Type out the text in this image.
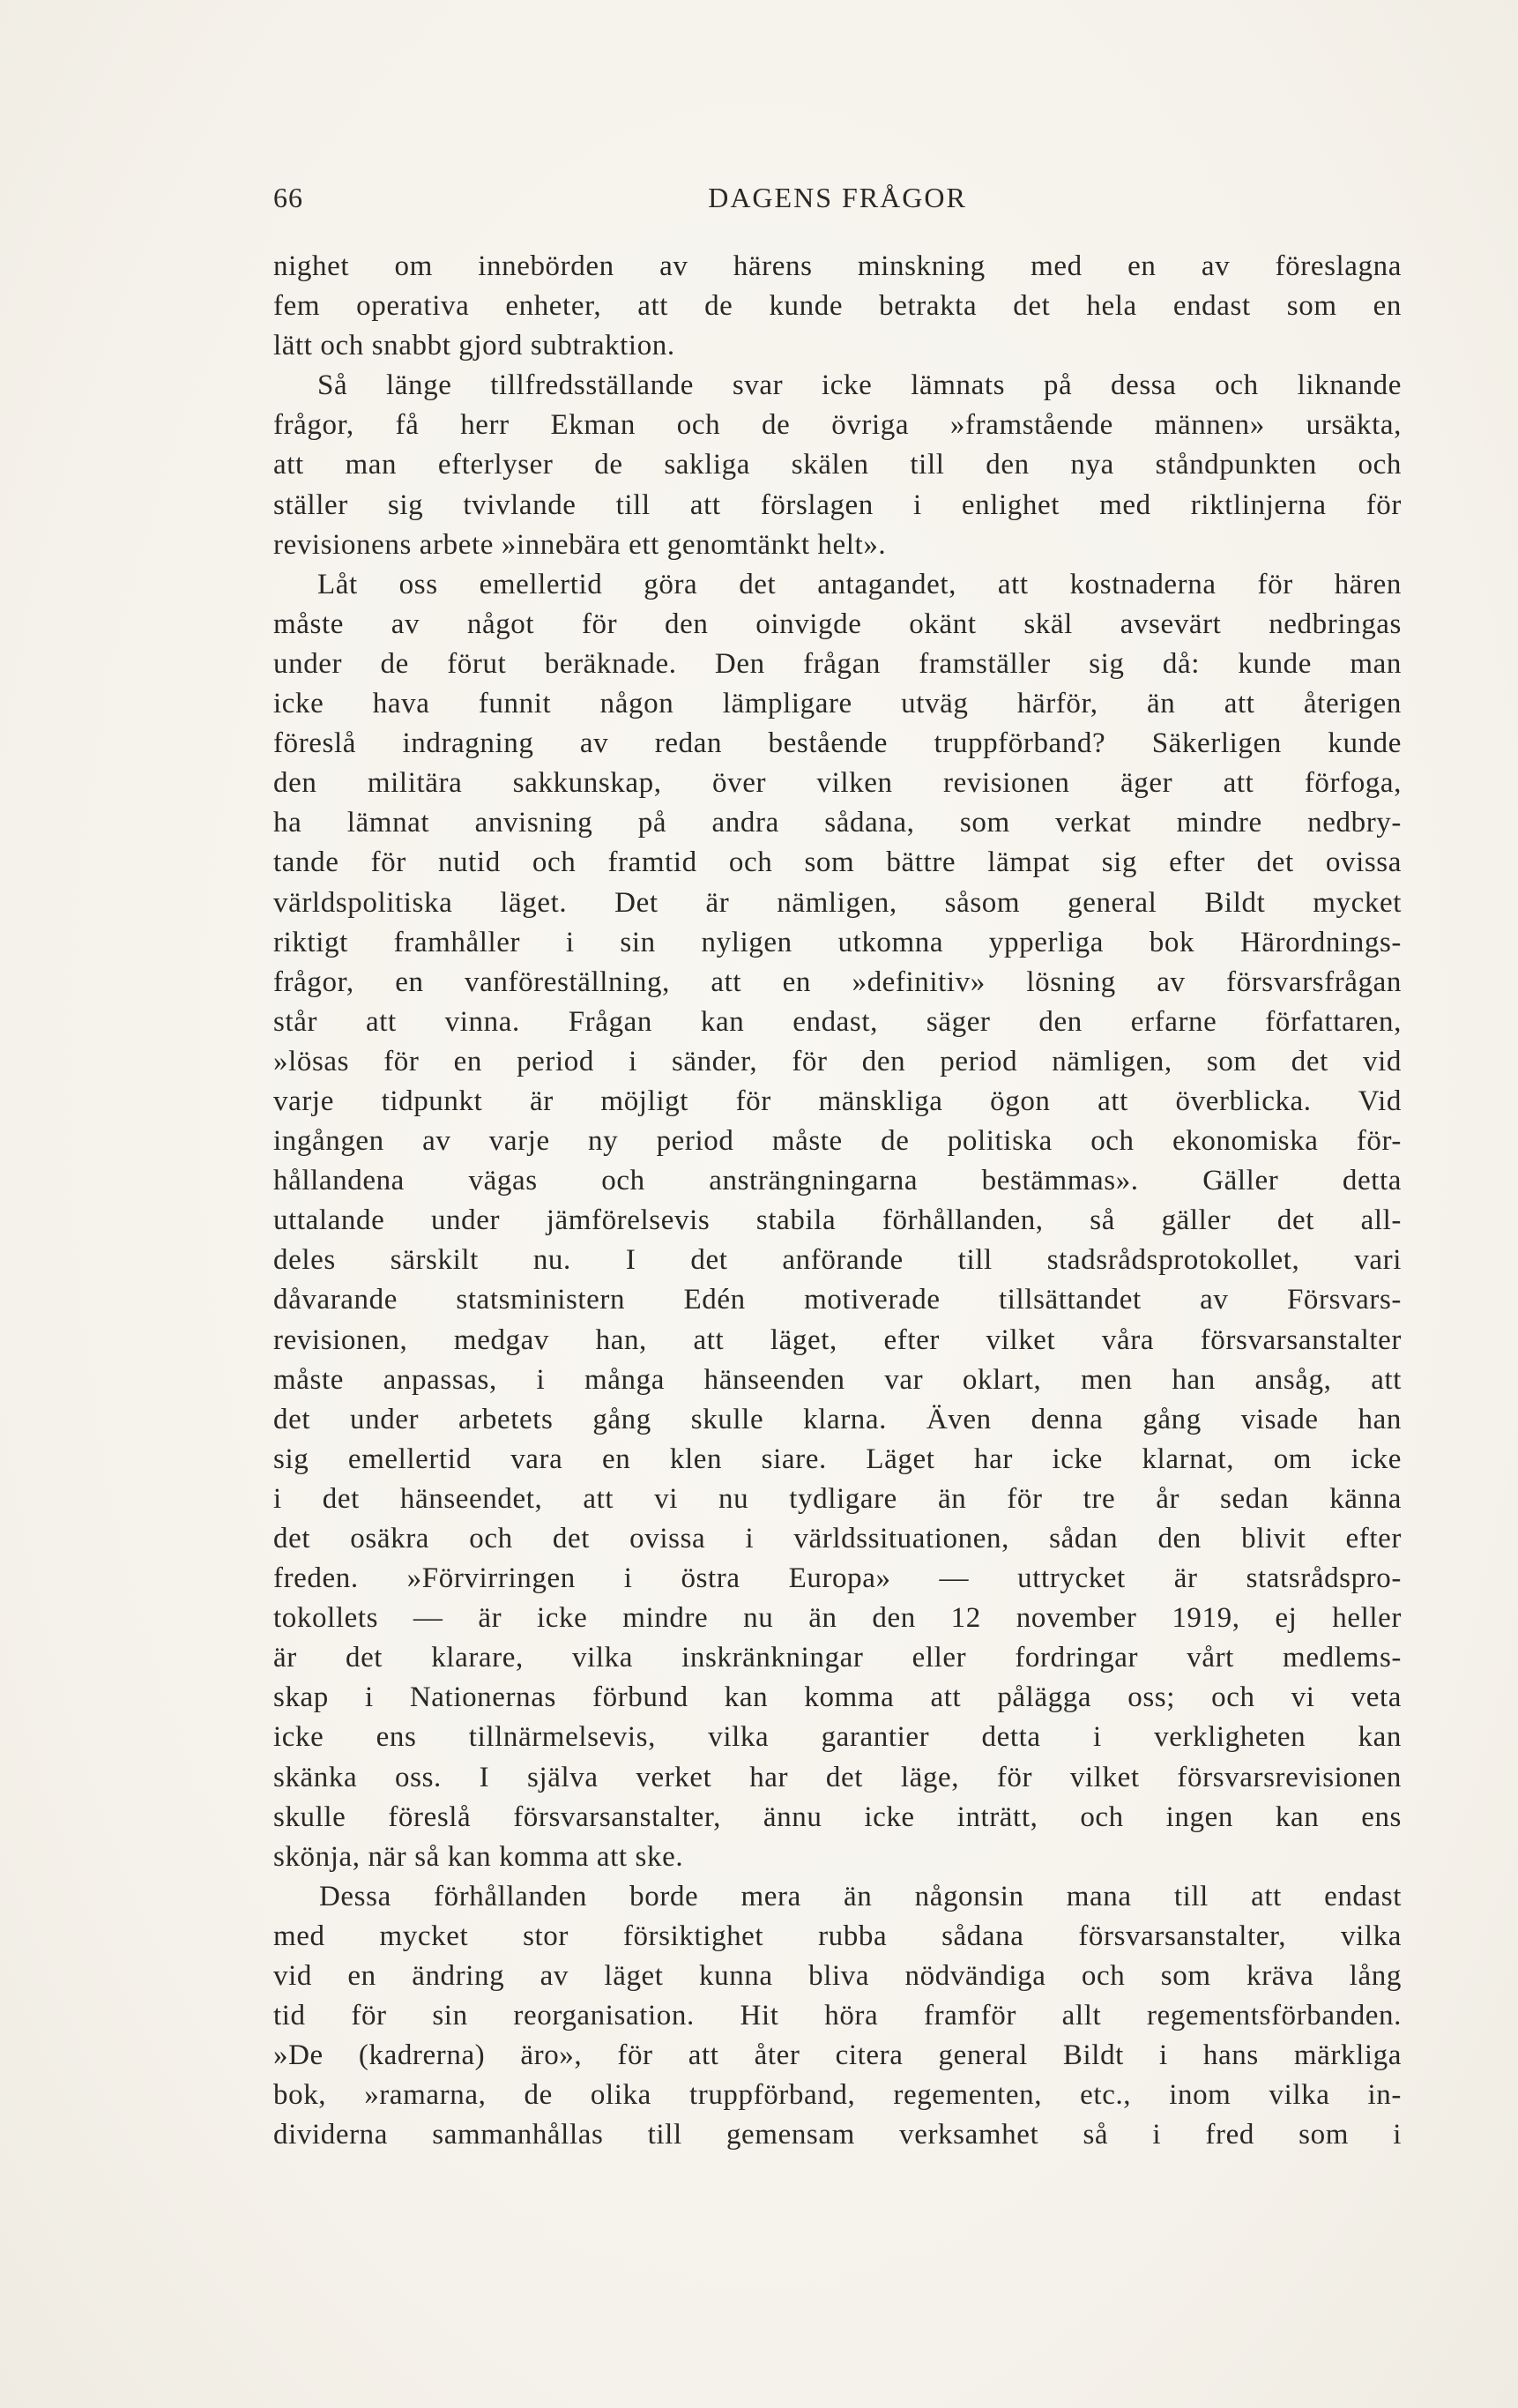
66	DAGENS FRÅGOR
nighet om innebörden av härens minskning med en av föreslagna
fem operativa enheter, att de kunde betrakta det hela endast som en
lätt och snabbt gjord subtraktion.
Så länge tillfredsställande svar icke lämnats på dessa och liknande
frågor, få herr Ekman och de övriga »framstående männen» ursäkta,
att man efterlyser de sakliga skälen till den nya ståndpunkten och
ställer sig tvivlande till att förslagen i enlighet med riktlinjerna för
revisionens arbete »innebära ett genomtänkt helt».
Låt oss emellertid göra det antagandet, att kostnaderna för hären
måste av något för den oinvigde okänt skäl avsevärt nedbringas
under de förut beräknade. Den frågan framställer sig då: kunde man
icke hava funnit någon lämpligare utväg härför, än att återigen
föreslå indragning av redan bestående truppförband? Säkerligen kunde
den militära sakkunskap, över vilken revisionen äger att förfoga,
ha lämnat anvisning på andra sådana, som verkat mindre nedbry-
tande för nutid och framtid och som bättre lämpat sig efter det ovissa
världspolitiska läget. Det är nämligen, såsom general Bildt mycket
riktigt framhåller i sin nyligen utkomna ypperliga bok Härordnings-
frågor, en vanföreställning, att en »definitiv» lösning av försvarsfrågan
står att vinna. Frågan kan endast, säger den erfarne författaren,
»lösas för en period i sänder, för den period nämligen, som det vid
varje tidpunkt är möjligt för mänskliga ögon att överblicka. Vid
ingången av varje ny period måste de politiska och ekonomiska för-
hållandena vägas och ansträngningarna bestämmas». Gäller detta
uttalande under jämförelsevis stabila förhållanden, så gäller det all-
deles särskilt nu. I det anförande till stadsrådsprotokollet, vari
dåvarande statsministern Edén motiverade tillsättandet av Försvars-
revisionen, medgav han, att läget, efter vilket våra försvarsanstalter
måste anpassas, i många hänseenden var oklart, men han ansåg, att
det under arbetets gång skulle klarna. Även denna gång visade han
sig emellertid vara en klen siare. Läget har icke klarnat, om icke
i det hänseendet, att vi nu tydligare än för tre år sedan känna
det osäkra och det ovissa i världssituationen, sådan den blivit efter
freden. »Förvirringen i östra Europa» — uttrycket är statsrådspro-
tokollets — är icke mindre nu än den 12 november 1919, ej heller
är det klarare, vilka inskränkningar eller fordringar vårt medlems-
skap i Nationernas förbund kan komma att pålägga oss; och vi veta
icke ens tillnärmelsevis, vilka garantier detta i verkligheten kan
skänka oss. I själva verket har det läge, för vilket försvarsrevisionen
skulle föreslå försvarsanstalter, ännu icke inträtt, och ingen kan ens
skönja, när så kan komma att ske.
Dessa förhållanden borde mera än någonsin mana till att endast
med mycket stor försiktighet rubba sådana försvarsanstalter, vilka
vid en ändring av läget kunna bliva nödvändiga och som kräva lång
tid för sin reorganisation. Hit höra framför allt regementsförbanden.
»De (kadrerna) äro», för att åter citera general Bildt i hans märkliga
bok, »ramarna, de olika truppförband, regementen, etc., inom vilka in-
dividerna sammanhållas till gemensam verksamhet så i fred som i
